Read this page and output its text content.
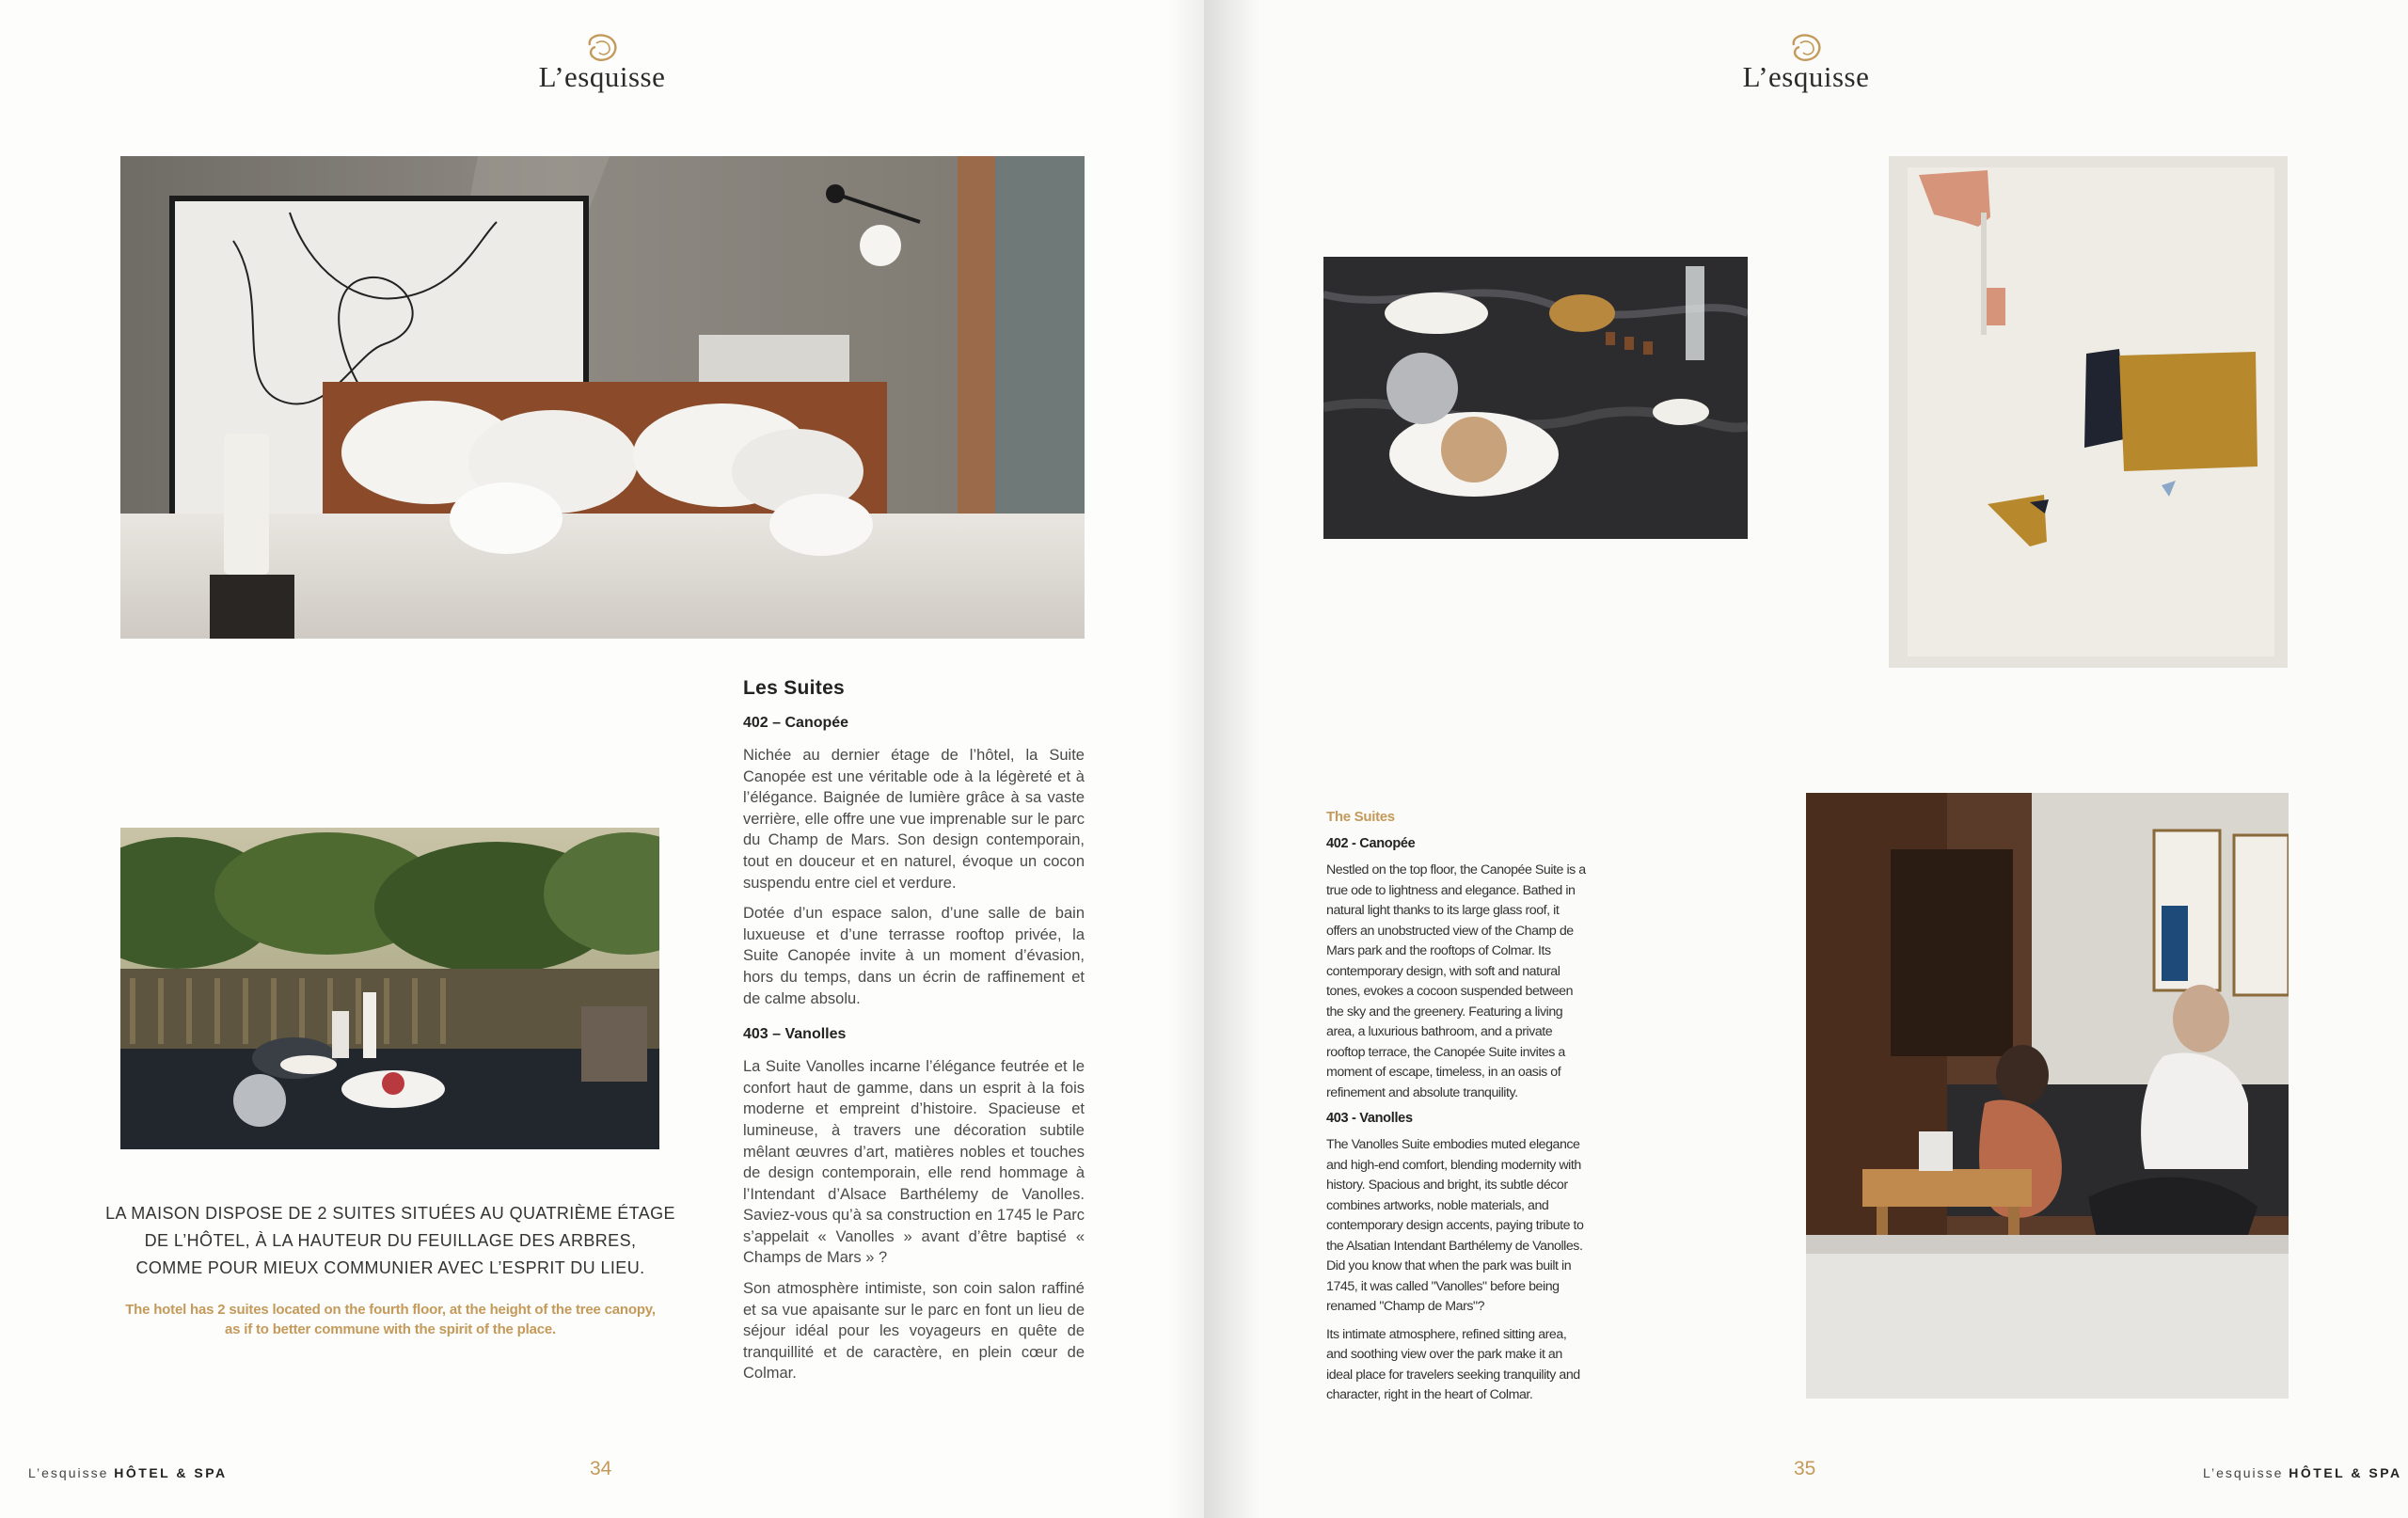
L’esquisse
Les Suites
402 – Canopée

Nichée au dernier étage de l’hôtel, la Suite Canopée est une véritable ode à la légèreté et à l’élégance. Baignée de lumière grâce à sa vaste verrière, elle offre une vue imprenable sur le parc du Champ de Mars. Son design contemporain, tout en douceur et en naturel, évoque un cocon suspendu entre ciel et verdure.

Dotée d’un espace salon, d’une salle de bain luxueuse et d’une terrasse rooftop privée, la Suite Canopée invite à un moment d’évasion, hors du temps, dans un écrin de raffinement et de calme absolu.

403 – Vanolles

La Suite Vanolles incarne l’élégance feutrée et le confort haut de gamme, dans un esprit à la fois moderne et empreint d’histoire. Spacieuse et lumineuse, à travers une décoration subtile mêlant œuvres d’art, matières nobles et touches de design contemporain, elle rend hommage à l’Intendant d’Alsace Barthélemy de Vanolles. Saviez-vous qu’à sa construction en 1745 le Parc s’appelait « Vanolles » avant d’être baptisé « Champs de Mars » ?

Son atmosphère intimiste, son coin salon raffiné et sa vue apaisante sur le parc en font un lieu de séjour idéal pour les voyageurs en quête de tranquillité et de caractère, en plein cœur de Colmar.

LA MAISON DISPOSE DE 2 SUITES SITUÉES AU QUATRIÈME ÉTAGE
DE L’HÔTEL, À LA HAUTEUR DU FEUILLAGE DES ARBRES,
COMME POUR MIEUX COMMUNIER AVEC L’ESPRIT DU LIEU.
The hotel has 2 suites located on the fourth floor, at the height of the tree canopy,
as if to better commune with the spirit of the place.
L’esquisse HÔTEL & SPA	34
L’esquisse
The Suites
402 - Canopée

Nestled on the top floor, the Canopée Suite is a true ode to lightness and elegance. Bathed in natural light thanks to its large glass roof, it offers an unobstructed view of the Champ de Mars park and the rooftops of Colmar. Its contemporary design, with soft and natural tones, evokes a cocoon suspended between the sky and the greenery. Featuring a living area, a luxurious bathroom, and a private rooftop terrace, the Canopée Suite invites a moment of escape, timeless, in an oasis of refinement and absolute tranquility.

403 - Vanolles

The Vanolles Suite embodies muted elegance and high-end comfort, blending modernity with history. Spacious and bright, its subtle décor combines artworks, noble materials, and contemporary design accents, paying tribute to the Alsatian Intendant Barthélemy de Vanolles. Did you know that when the park was built in 1745, it was called "Vanolles" before being renamed "Champ de Mars"?

Its intimate atmosphere, refined sitting area, and soothing view over the park make it an ideal place for travelers seeking tranquility and character, right in the heart of Colmar.

35	L’esquisse HÔTEL & SPA
